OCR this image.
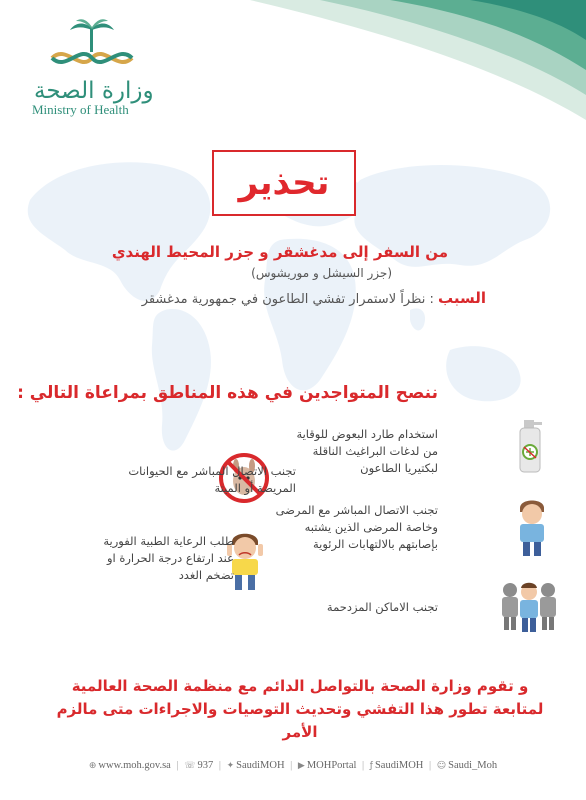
وزارة الصحة
Ministry of Health
تحذير
من السفر إلى مدغشقر و جزر المحيط الهندي
(جزر السيشل و موريشوس)
السبب : نظراً لاستمرار تفشي الطاعون في جمهورية مدغشقر
ننصح المتواجدين في هذه المناطق بمراعاة التالي :
استخدام طارد البعوض للوقاية من لدغات البراغيث الناقلة لبكتيريا الطاعون
تجنب الاتصال المباشر مع الحيوانات المريضة أو الميتة
تجنب الاتصال المباشر مع المرضى وخاصة المرضى الذين يشتبه بإصابتهم بالالتهابات الرئوية
طلب الرعاية الطبية الفورية عند ارتفاع درجة الحرارة او تضخم الغدد
تجنب الاماكن المزدحمة
و تقوم وزارة الصحة بالتواصل الدائم مع منظمة الصحة العالمية
لمتابعة تطور هذا التفشي وتحديث التوصيات والاجراءات متى مالزم الأمر
⊕ www.moh.gov.sa | ☏ 937 | ✦ SaudiMOH | ▶ MOHPortal | ƒ SaudiMOH | ☺ Saudi_Moh
